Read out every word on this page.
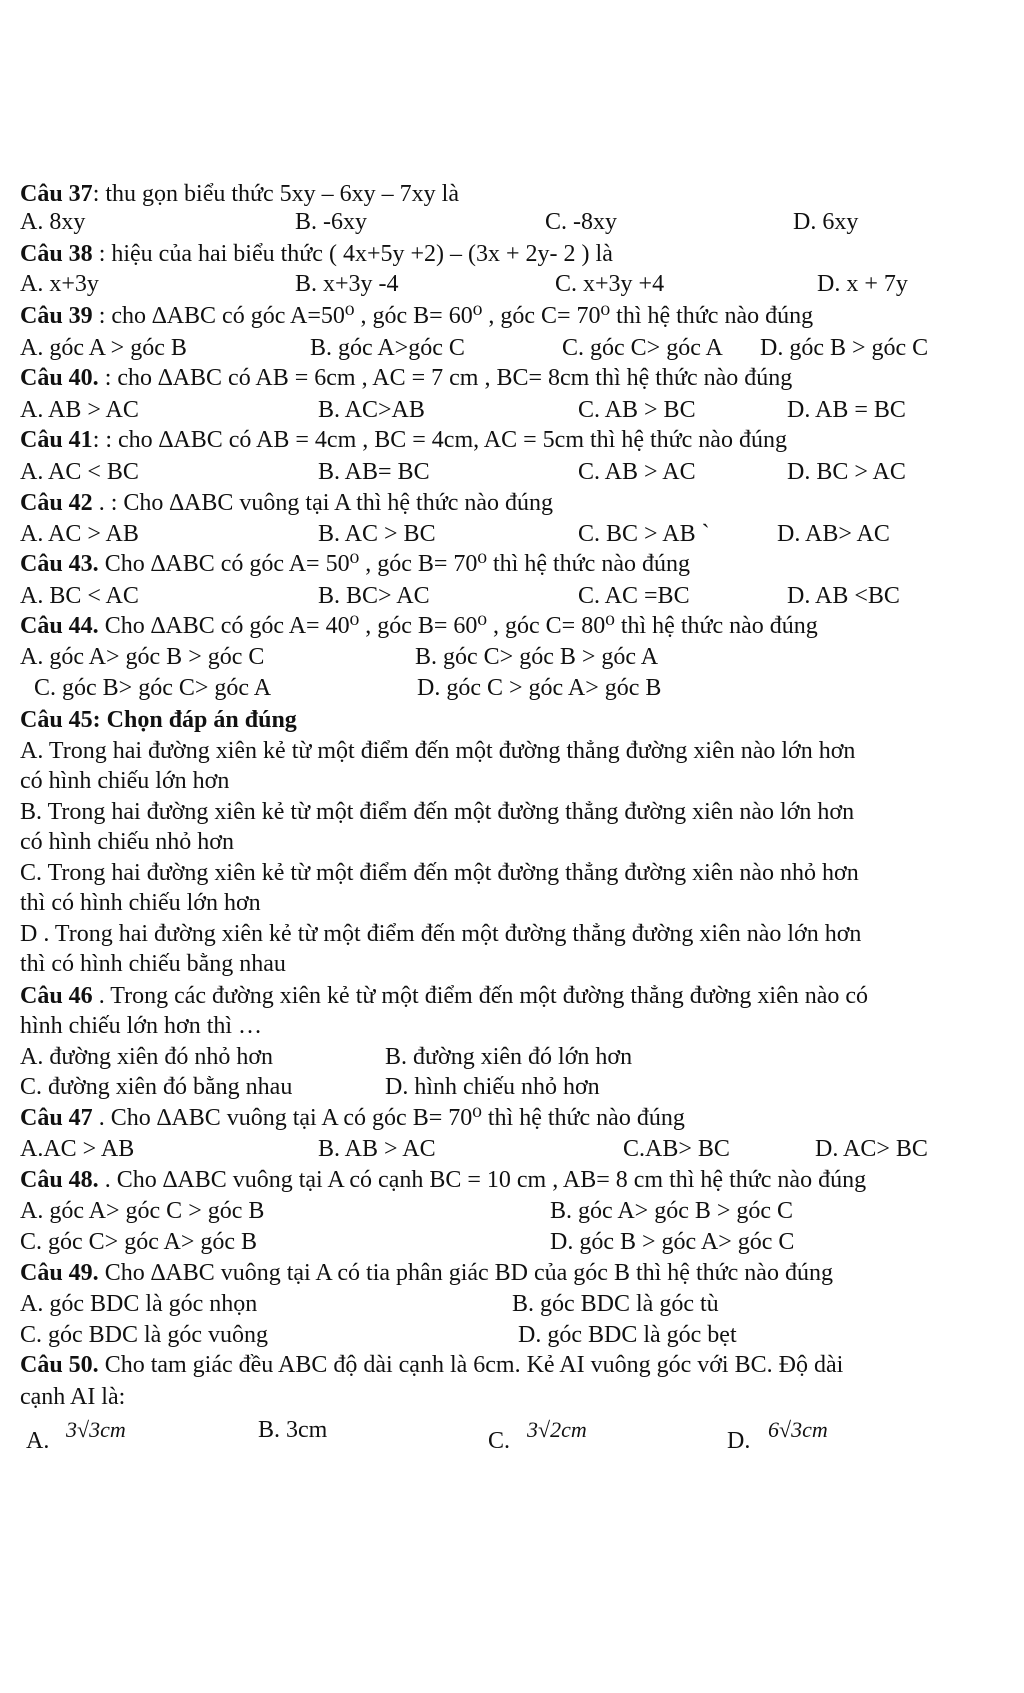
Câu 37: thu gọn biểu thức 5xy – 6xy – 7xy là
A. 8xy	B. -6xy	C. -8xy	D. 6xy
Câu 38 : hiệu của hai biểu thức ( 4x+5y +2) – (3x + 2y- 2 ) là
A. x+3y	B. x+3y -4	C. x+3y +4	D. x + 7y
Câu 39 : cho ∆ABC có góc A=50⁰ , góc B= 60⁰ , góc C= 70⁰ thì hệ thức nào đúng
A. góc A > góc B	B. góc A>góc C	C. góc C> góc A D. góc B > góc C
Câu 40. : cho ∆ABC có AB = 6cm , AC = 7 cm , BC= 8cm thì hệ thức nào đúng
A. AB > AC	B. AC>AB	C. AB > BC	D. AB = BC
Câu 41: : cho ∆ABC có AB = 4cm , BC = 4cm, AC = 5cm thì hệ thức nào đúng
A. AC < BC	B. AB= BC	C. AB > AC	D. BC > AC
Câu 42 . : Cho ∆ABC vuông tại A thì hệ thức nào đúng
A. AC > AB	B. AC > BC	C. BC > AB `	D. AB> AC
Câu 43. Cho ∆ABC có góc A= 50⁰ , góc B= 70⁰ thì hệ thức nào đúng
A. BC < AC	B. BC> AC	C. AC =BC	D. AB <BC
Câu 44. Cho ∆ABC có góc A= 40⁰ , góc B= 60⁰ , góc C= 80⁰ thì hệ thức nào đúng
A. góc A> góc B > góc C	B. góc C> góc B > góc A
C. góc B> góc C> góc A	D. góc C > góc A> góc B
Câu 45: Chọn đáp án đúng
A. Trong hai đường xiên kẻ từ một điểm đến một đường thẳng đường xiên nào lớn hơn
có hình chiếu lớn hơn
B. Trong hai đường xiên kẻ từ một điểm đến một đường thẳng đường xiên nào lớn hơn
có hình chiếu nhỏ hơn
C. Trong hai đường xiên kẻ từ một điểm đến một đường thẳng đường xiên nào nhỏ hơn
thì có hình chiếu lớn hơn
D . Trong hai đường xiên kẻ từ một điểm đến một đường thẳng đường xiên nào lớn hơn
thì có hình chiếu bằng nhau
Câu 46 . Trong các đường xiên kẻ từ một điểm đến một đường thẳng đường xiên nào có
hình chiếu lớn hơn thì …
A. đường xiên đó nhỏ hơn	B. đường xiên đó lớn hơn
C. đường xiên đó bằng nhau	D. hình chiếu nhỏ hơn
Câu 47 . Cho ∆ABC vuông tại A có góc B= 70⁰ thì hệ thức nào đúng
A.AC > AB	B. AB > AC	C.AB> BC	D. AC> BC
Câu 48. . Cho ∆ABC vuông tại A có cạnh BC = 10 cm , AB= 8 cm thì hệ thức nào đúng
A. góc A> góc C > góc B	B. góc A> góc B > góc C
C. góc C> góc A> góc B	D. góc B > góc A> góc C
Câu 49. Cho ∆ABC vuông tại A có tia phân giác BD của góc B thì hệ thức nào đúng
A. góc BDC là góc nhọn	B. góc BDC là góc tù
C. góc BDC là góc vuông	D. góc BDC là góc bẹt
Câu 50. Cho tam giác đều ABC độ dài cạnh là 6cm. Kẻ AI vuông góc với BC. Độ dài
cạnh AI là:
A. 3√3cm	B. 3cm	C. 3√2cm	D. 6√3cm
